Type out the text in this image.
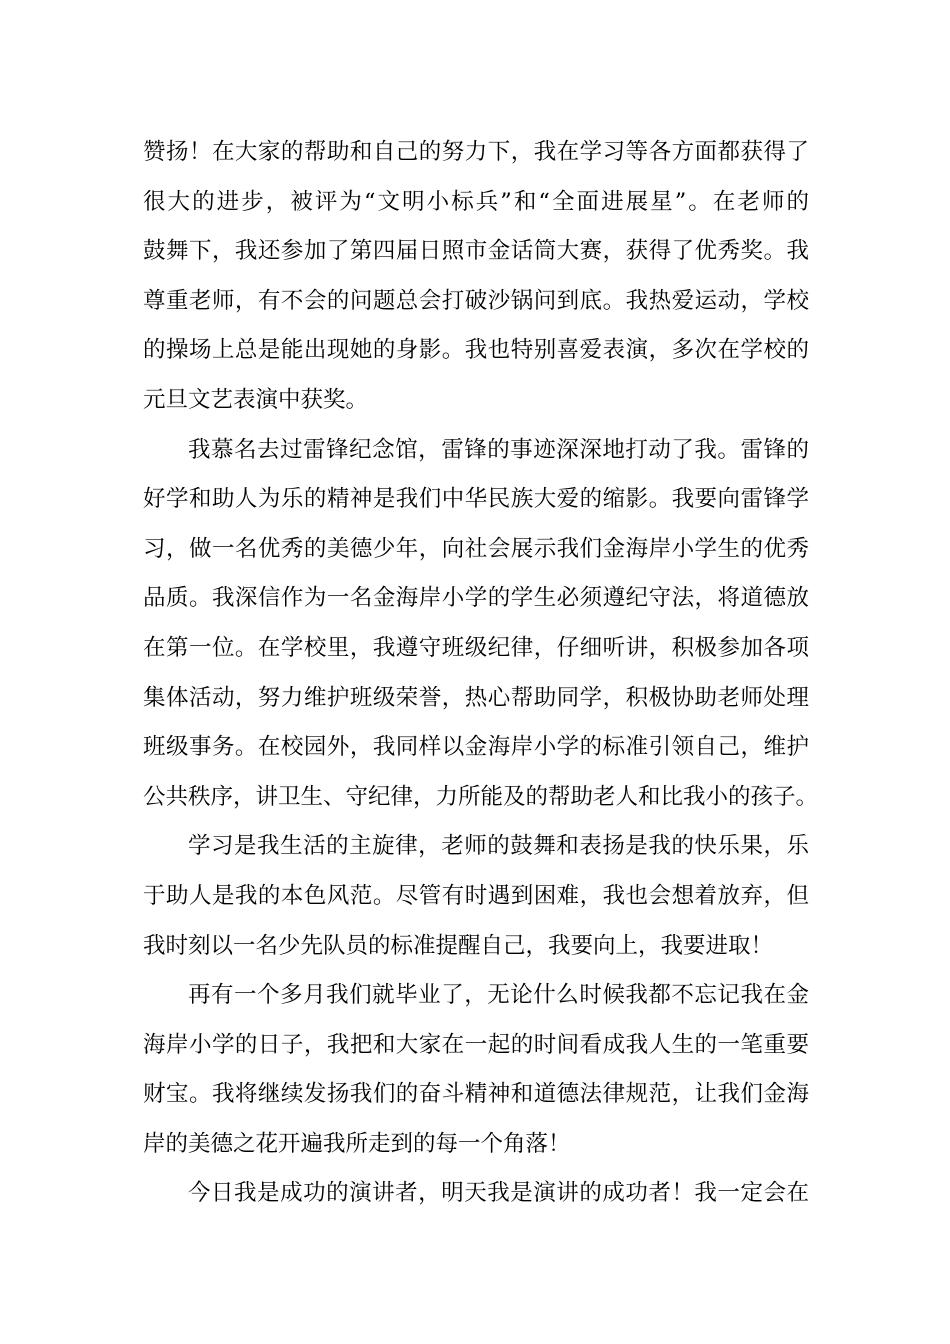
赞扬！在大家的帮助和自己的努力下，我在学习等各方面都获得了
很大的进步，被评为“文明小标兵”和“全面进展星”。在老师的
鼓舞下，我还参加了第四届日照市金话筒大赛，获得了优秀奖。我
尊重老师，有不会的问题总会打破沙锅问到底。我热爱运动，学校
的操场上总是能出现她的身影。我也特别喜爱表演，多次在学校的
元旦文艺表演中获奖。
我慕名去过雷锋纪念馆，雷锋的事迹深深地打动了我。雷锋的
好学和助人为乐的精神是我们中华民族大爱的缩影。我要向雷锋学
习，做一名优秀的美德少年，向社会展示我们金海岸小学生的优秀
品质。我深信作为一名金海岸小学的学生必须遵纪守法，将道德放
在第一位。在学校里，我遵守班级纪律，仔细听讲，积极参加各项
集体活动，努力维护班级荣誉，热心帮助同学，积极协助老师处理
班级事务。在校园外，我同样以金海岸小学的标准引领自己，维护
公共秩序，讲卫生、守纪律，力所能及的帮助老人和比我小的孩子。
学习是我生活的主旋律，老师的鼓舞和表扬是我的快乐果，乐
于助人是我的本色风范。尽管有时遇到困难，我也会想着放弃，但
我时刻以一名少先队员的标准提醒自己，我要向上，我要进取！
再有一个多月我们就毕业了，无论什么时候我都不忘记我在金
海岸小学的日子，我把和大家在一起的时间看成我人生的一笔重要
财宝。我将继续发扬我们的奋斗精神和道德法律规范，让我们金海
岸的美德之花开遍我所走到的每一个角落！
今日我是成功的演讲者，明天我是演讲的成功者！我一定会在
